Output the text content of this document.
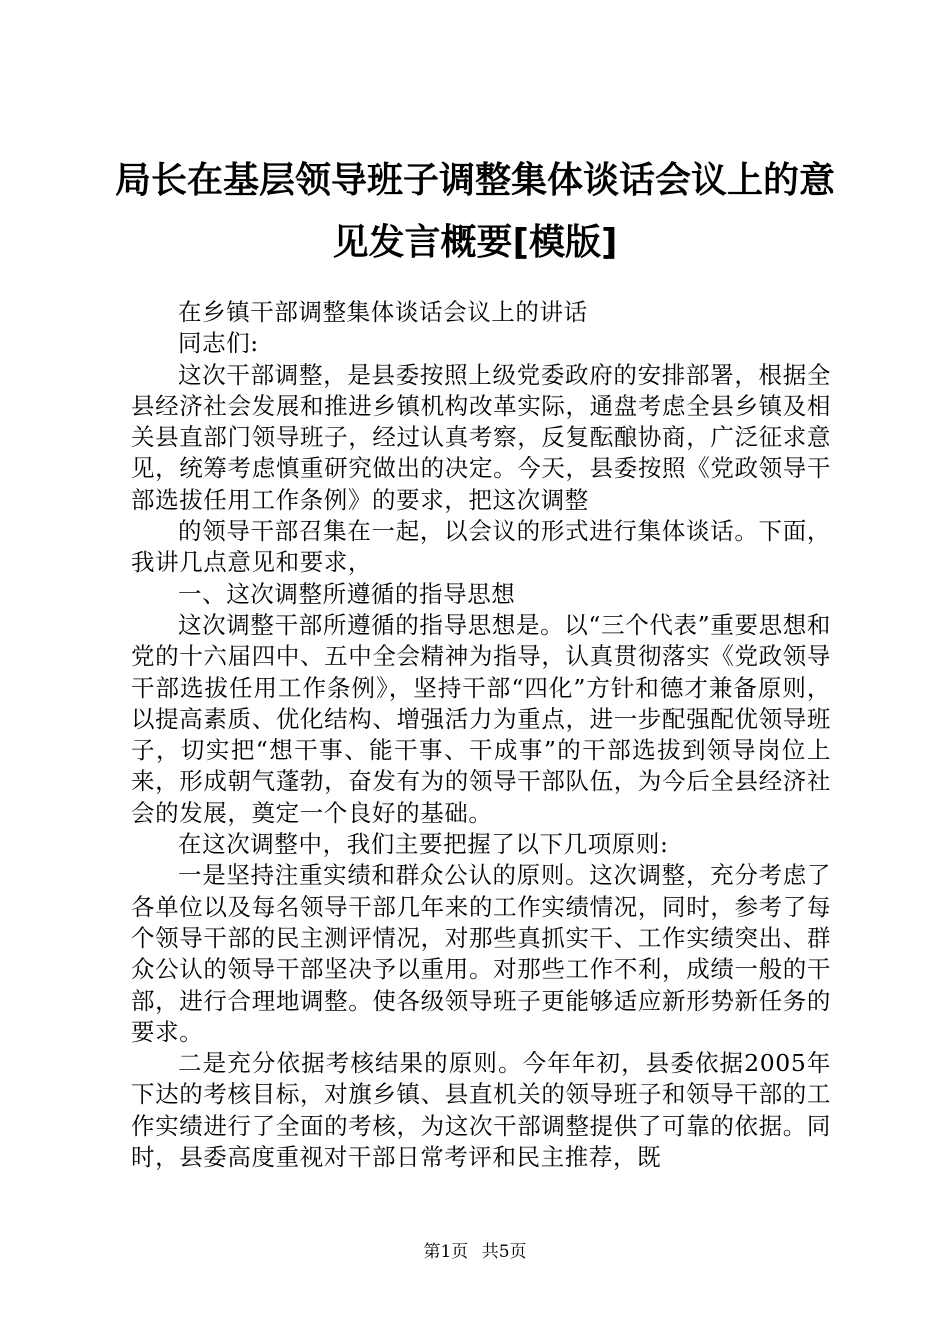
局长在基层领导班子调整集体谈话会议上的意
见发言概要[模版]

在乡镇干部调整集体谈话会议上的讲话

同志们:

这次干部调整，是县委按照上级党委政府的安排部署，根据全县经济社会发展和推进乡镇机构改革实际，通盘考虑全县乡镇及相关县直部门领导班子，经过认真考察，反复酝酿协商，广泛征求意见，统筹考虑慎重研究做出的决定。今天，县委按照《党政领导干部选拔任用工作条例》的要求，把这次调整

的领导干部召集在一起，以会议的形式进行集体谈话。下面，我讲几点意见和要求，

一、这次调整所遵循的指导思想

这次调整干部所遵循的指导思想是。以“三个代表”重要思想和党的十六届四中、五中全会精神为指导，认真贯彻落实《党政领导干部选拔任用工作条例》，坚持干部“四化”方针和德才兼备原则，以提高素质、优化结构、增强活力为重点，进一步配强配优领导班子，切实把“想干事、能干事、干成事”的干部选拔到领导岗位上来，形成朝气蓬勃，奋发有为的领导干部队伍，为今后全县经济社会的发展，奠定一个良好的基础。

在这次调整中，我们主要把握了以下几项原则:

一是坚持注重实绩和群众公认的原则。这次调整，充分考虑了各单位以及每名领导干部几年来的工作实绩情况，同时，参考了每个领导干部的民主测评情况，对那些真抓实干、工作实绩突出、群众公认的领导干部坚决予以重用。对那些工作不利，成绩一般的干部，进行合理地调整。使各级领导班子更能够适应新形势新任务的要求。

二是充分依据考核结果的原则。今年年初，县委依据2005年下达的考核目标，对旗乡镇、县直机关的领导班子和领导干部的工作实绩进行了全面的考核，为这次干部调整提供了可靠的依据。同时，县委高度重视对干部日常考评和民主推荐，既

第1页 共5页
